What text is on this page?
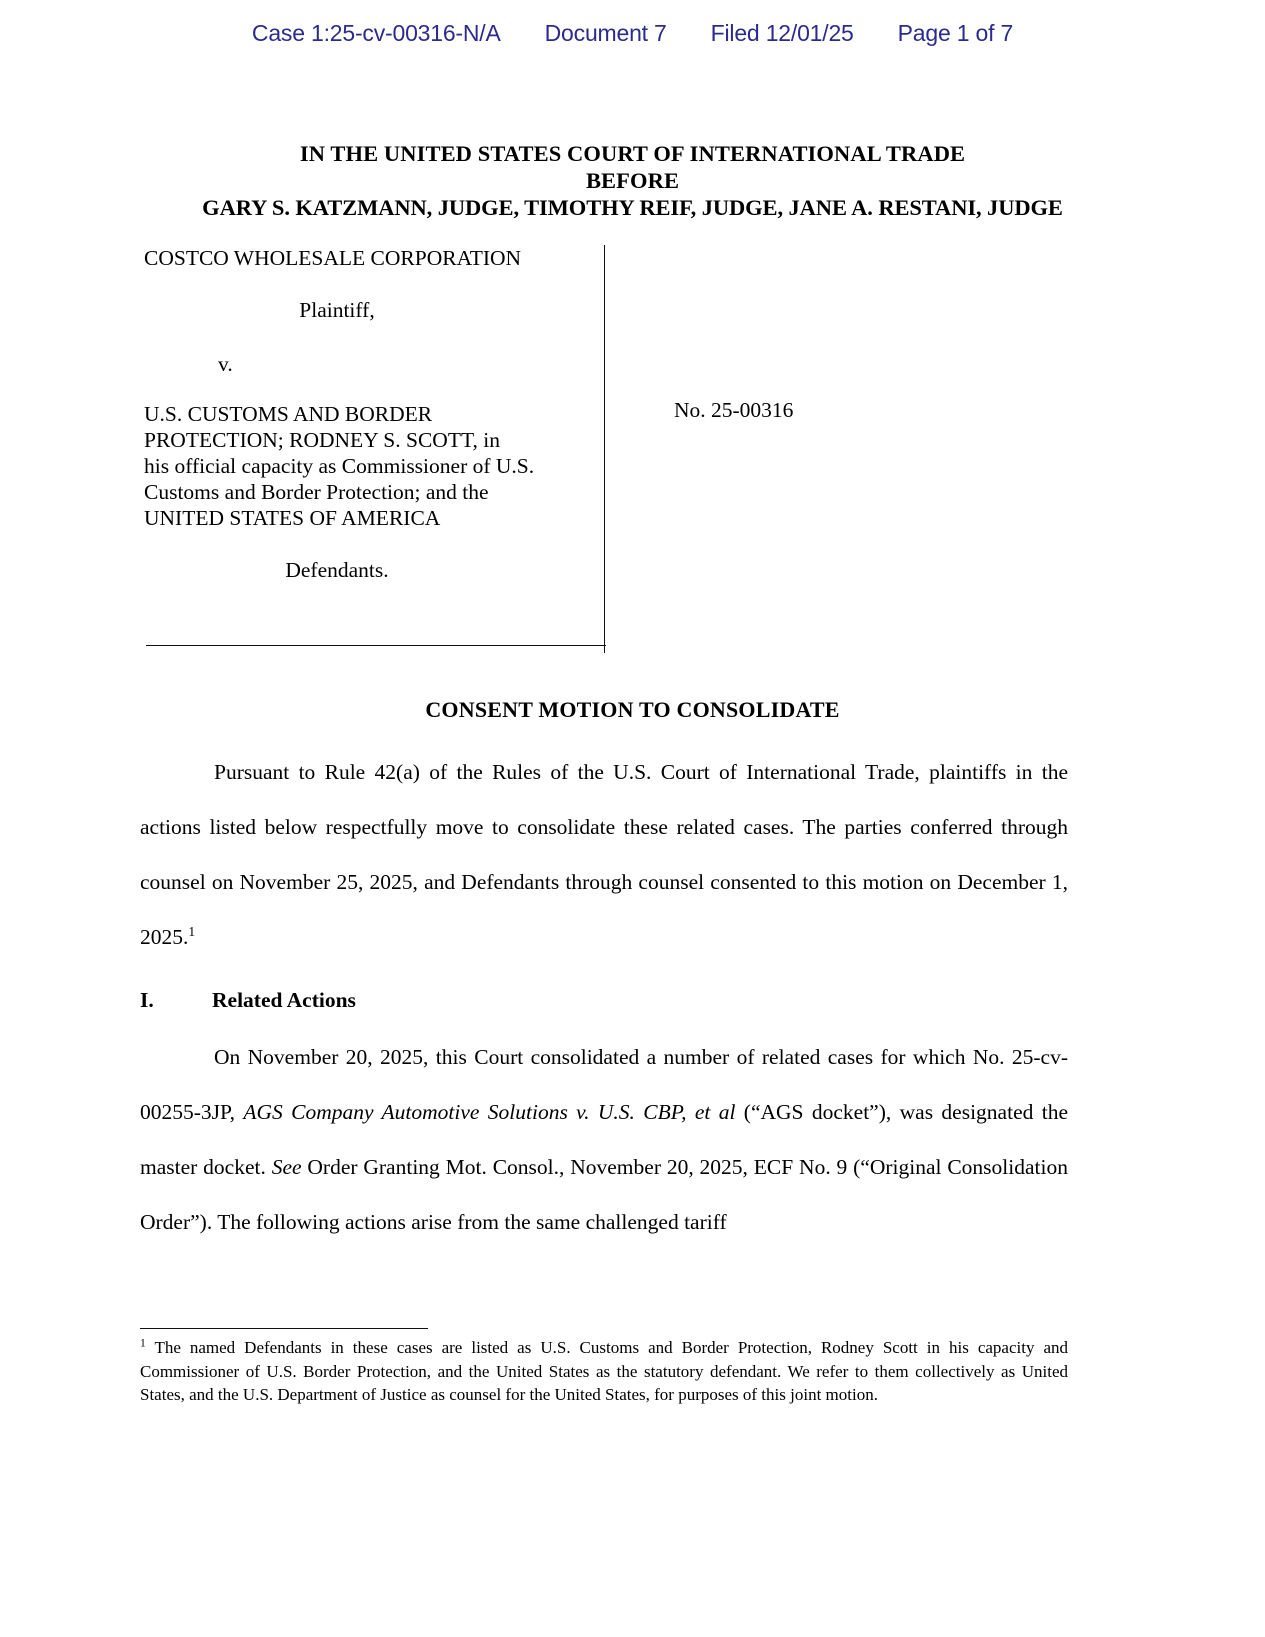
Case 1:25-cv-00316-N/A Document 7 Filed 12/01/25 Page 1 of 7
IN THE UNITED STATES COURT OF INTERNATIONAL TRADE
BEFORE
GARY S. KATZMANN, JUDGE, TIMOTHY REIF, JUDGE, JANE A. RESTANI, JUDGE
COSTCO WHOLESALE CORPORATION
Plaintiff,
v.
U.S. CUSTOMS AND BORDER
PROTECTION; RODNEY S. SCOTT, in
his official capacity as Commissioner of U.S.
Customs and Border Protection; and the
UNITED STATES OF AMERICA
Defendants.
No. 25-00316
CONSENT MOTION TO CONSOLIDATE

Pursuant to Rule 42(a) of the Rules of the U.S. Court of International Trade, plaintiffs in the actions listed below respectfully move to consolidate these related cases. The parties conferred through counsel on November 25, 2025, and Defendants through counsel consented to this motion on December 1, 2025.$^1$

I.	Related Actions

On November 20, 2025, this Court consolidated a number of related cases for which No. 25-cv-00255-3JP, AGS Company Automotive Solutions v. U.S. CBP, et al (“AGS docket”), was designated the master docket. See Order Granting Mot. Consol., November 20, 2025, ECF No. 9 (“Original Consolidation Order”). The following actions arise from the same challenged tariff

$^1$ The named Defendants in these cases are listed as U.S. Customs and Border Protection, Rodney Scott in his capacity and Commissioner of U.S. Border Protection, and the United States as the statutory defendant. We refer to them collectively as United States, and the U.S. Department of Justice as counsel for the United States, for purposes of this joint motion.
